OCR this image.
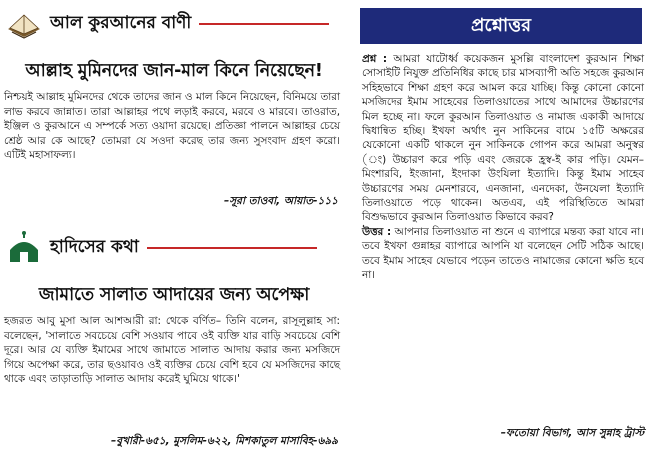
আল কুরআনের বাণী
আল্লাহ মুমিনদের জান-মাল কিনে নিয়েছেন!
নিশ্চয়ই আল্লাহ মুমিনদের থেকে তাদের জান ও মাল কিনে নিয়েছেন, বিনিময়ে তারা লাভ করবে জান্নাত। তারা আল্লাহর পথে লড়াই করবে, মরবে ও মারবে। তাওরাত, ইঞ্জিল ও কুরআনে এ সম্পর্কে সত্য ওয়াদা রয়েছে। প্রতিজ্ঞা পালনে আল্লাহর চেয়ে শ্রেষ্ঠ আর কে আছে? তোমরা যে সওদা করেছ তার জন্য সুসংবাদ গ্রহণ করো। এটিই মহাসাফল্য।
–সূরা তাওবা, আয়াত-১১১
হাদিসের কথা
জামাতে সালাত আদায়ের জন্য অপেক্ষা
হজরত আবু মুসা আল আশআরী রা: থেকে বর্ণিত– তিনি বলেন, রাসূলুল্লাহ সা: বলেছেন, 'সালাতে সবচেয়ে বেশি সওয়াব পাবে ওই ব্যক্তি যার বাড়ি সবচেয়ে বেশি দূরে। আর যে ব্যক্তি ইমামের সাথে জামাতে সালাত আদায় করার জন্য মসজিদে গিয়ে অপেক্ষা করে, তার ছওয়াবও ওই ব্যক্তির চেয়ে বেশি হবে যে মসজিদের কাছে থাকে এবং তাড়াতাড়ি সালাত আদায় করেই ঘুমিয়ে থাকে।'
–বুখারী-৬৫১, মুসলিম-৬২২, মিশকাতুল মাসাবিহ-৬৯৯
প্রশ্নোত্তর
প্রশ্ন : আমরা যাটোর্ধ্ব কয়েকজন মুসল্লি বাংলাদেশ কুরআন শিক্ষা সোসাইটি নিযুক্ত প্রতিনিধির কাছে চার মাসব্যাপী অতি সহজে কুরআন সহিহভাবে শিক্ষা গ্রহণ করে আমল করে যাচ্ছি। কিন্তু কোনো কোনো মসজিদের ইমাম সাহেবের তিলাওয়াতের সাথে আমাদের উচ্চারণের মিল হচ্ছে না। ফলে কুরআন তিলাওয়াত ও নামাজ একাকী আদায়ে দ্বিধান্বিত হচ্ছি। ইখফা অর্থাৎ নুন সাকিনের বামে ১৫টি অক্ষরের যেকোনো একটি থাকলে নুন সাকিনকে গোপন করে আমরা অনুস্বর (ং) উচ্চারণ করে পড়ি এবং জেরকে হ্রস্ব-ই কার পড়ি। যেমন– মিংশারবি, ইংজানা, ইংদাকা উংযিলা ইত্যাদি। কিন্তু ইমাম সাহেব উচ্চারণের সময় মেনশারবে, এনজানা, এনদেকা, উনযেলা ইত্যাদি তিলাওয়াতে পড়ে থাকেন। অতএব, এই পরিস্থিতিতে আমরা বিশুদ্ধভাবে কুরআন তিলাওয়াত কিভাবে করব?
উত্তর : আপনার তিলাওয়াত না শুনে এ ব্যাপারে মন্তব্য করা যাবে না। তবে ইখফা গুন্নাহর ব্যাপারে আপনি যা বলেছেন সেটি সঠিক আছে। তবে ইমাম সাহেব যেভাবে পড়েন তাতেও নামাজের কোনো ক্ষতি হবে না।
–ফতোয়া বিভাগ, আস সুন্নাহ ট্রাস্ট
